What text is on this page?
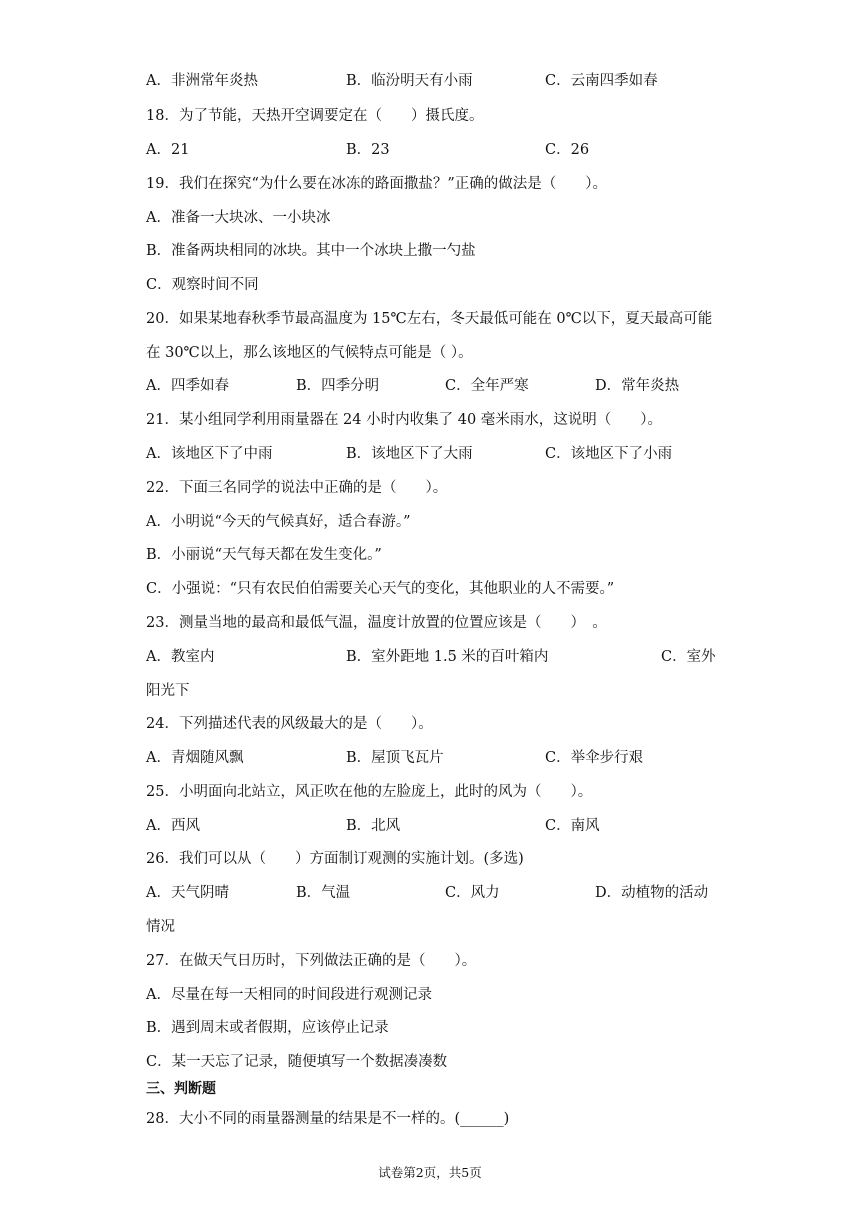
A．非洲常年炎热	B．临汾明天有小雨	C．云南四季如春
18．为了节能，天热开空调要定在（　　）摄氏度。
A．21	B．23	C．26
19．我们在探究“为什么要在冰冻的路面撒盐？”正确的做法是（　　）。
A．准备一大块冰、一小块冰
B．准备两块相同的冰块。其中一个冰块上撒一勺盐
C．观察时间不同
20．如果某地春秋季节最高温度为 15℃左右，冬天最低可能在 0℃以下，夏天最高可能
在 30℃以上，那么该地区的气候特点可能是（ ）。
A．四季如春	B．四季分明	C．全年严寒	D．常年炎热
21．某小组同学利用雨量器在 24 小时内收集了 40 毫米雨水，这说明（　　）。
A．该地区下了中雨	B．该地区下了大雨	C．该地区下了小雨
22．下面三名同学的说法中正确的是（　　）。
A．小明说“今天的气候真好，适合春游。”
B．小丽说“天气每天都在发生变化。”
C．小强说：“只有农民伯伯需要关心天气的变化，其他职业的人不需要。”
23．测量当地的最高和最低气温，温度计放置的位置应该是（　　）　。
A．教室内	B．室外距地 1.5 米的百叶箱内	C．室外
阳光下
24．下列描述代表的风级最大的是（　　）。
A．青烟随风飘	B．屋顶飞瓦片	C．举伞步行艰
25．小明面向北站立，风正吹在他的左脸庞上，此时的风为（　　）。
A．西风	B．北风	C．南风
26．我们可以从（　　）方面制订观测的实施计划。(多选)
A．天气阴晴	B．气温	C．风力	D．动植物的活动
情况
27．在做天气日历时，下列做法正确的是（　　）。
A．尽量在每一天相同的时间段进行观测记录
B．遇到周末或者假期，应该停止记录
C．某一天忘了记录，随便填写一个数据凑凑数
三、判断题
28．大小不同的雨量器测量的结果是不一样的。(______)
试卷第2页，共5页
